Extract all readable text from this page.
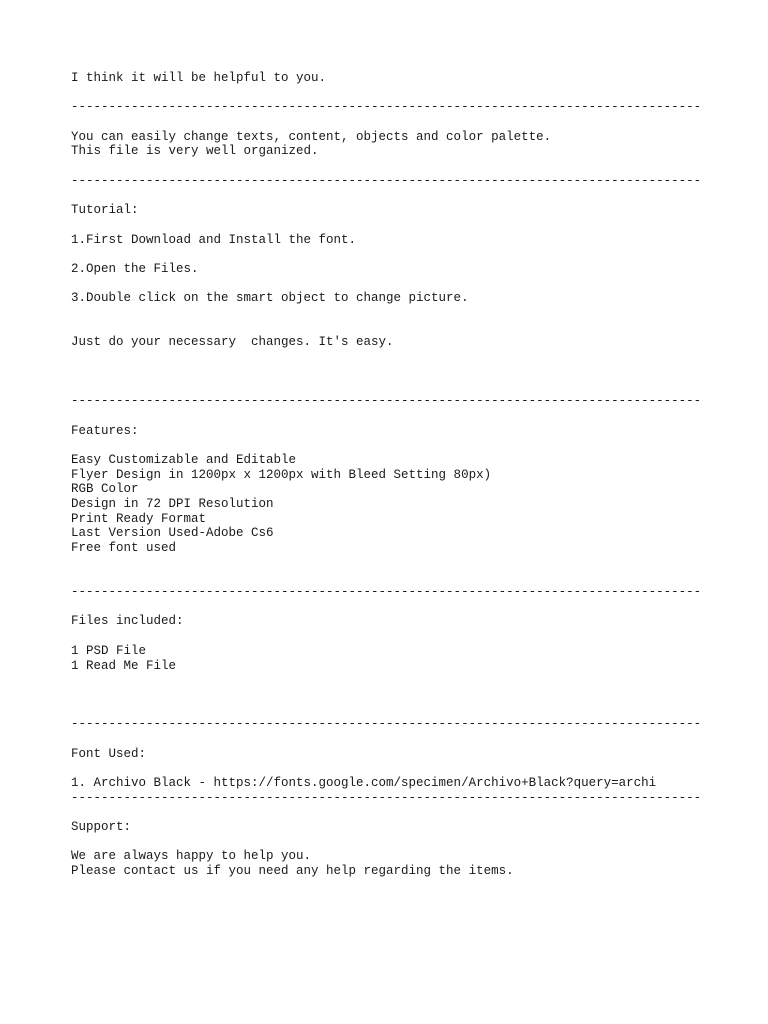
I think it will be helpful to you.
------------------------------------------------------------------------------------
You can easily change texts, content, objects and color palette.
This file is very well organized.
------------------------------------------------------------------------------------
Tutorial:
1.First Download and Install the font.
2.Open the Files.
3.Double click on the smart object to change picture.
Just do your necessary  changes. It's easy.
------------------------------------------------------------------------------------
Features:
Easy Customizable and Editable
Flyer Design in 1200px x 1200px with Bleed Setting 80px)
RGB Color
Design in 72 DPI Resolution
Print Ready Format
Last Version Used-Adobe Cs6
Free font used
------------------------------------------------------------------------------------
Files included:
1 PSD File
1 Read Me File
------------------------------------------------------------------------------------
Font Used:
1. Archivo Black - https://fonts.google.com/specimen/Archivo+Black?query=archi
------------------------------------------------------------------------------------
Support:
We are always happy to help you.
Please contact us if you need any help regarding the items.
